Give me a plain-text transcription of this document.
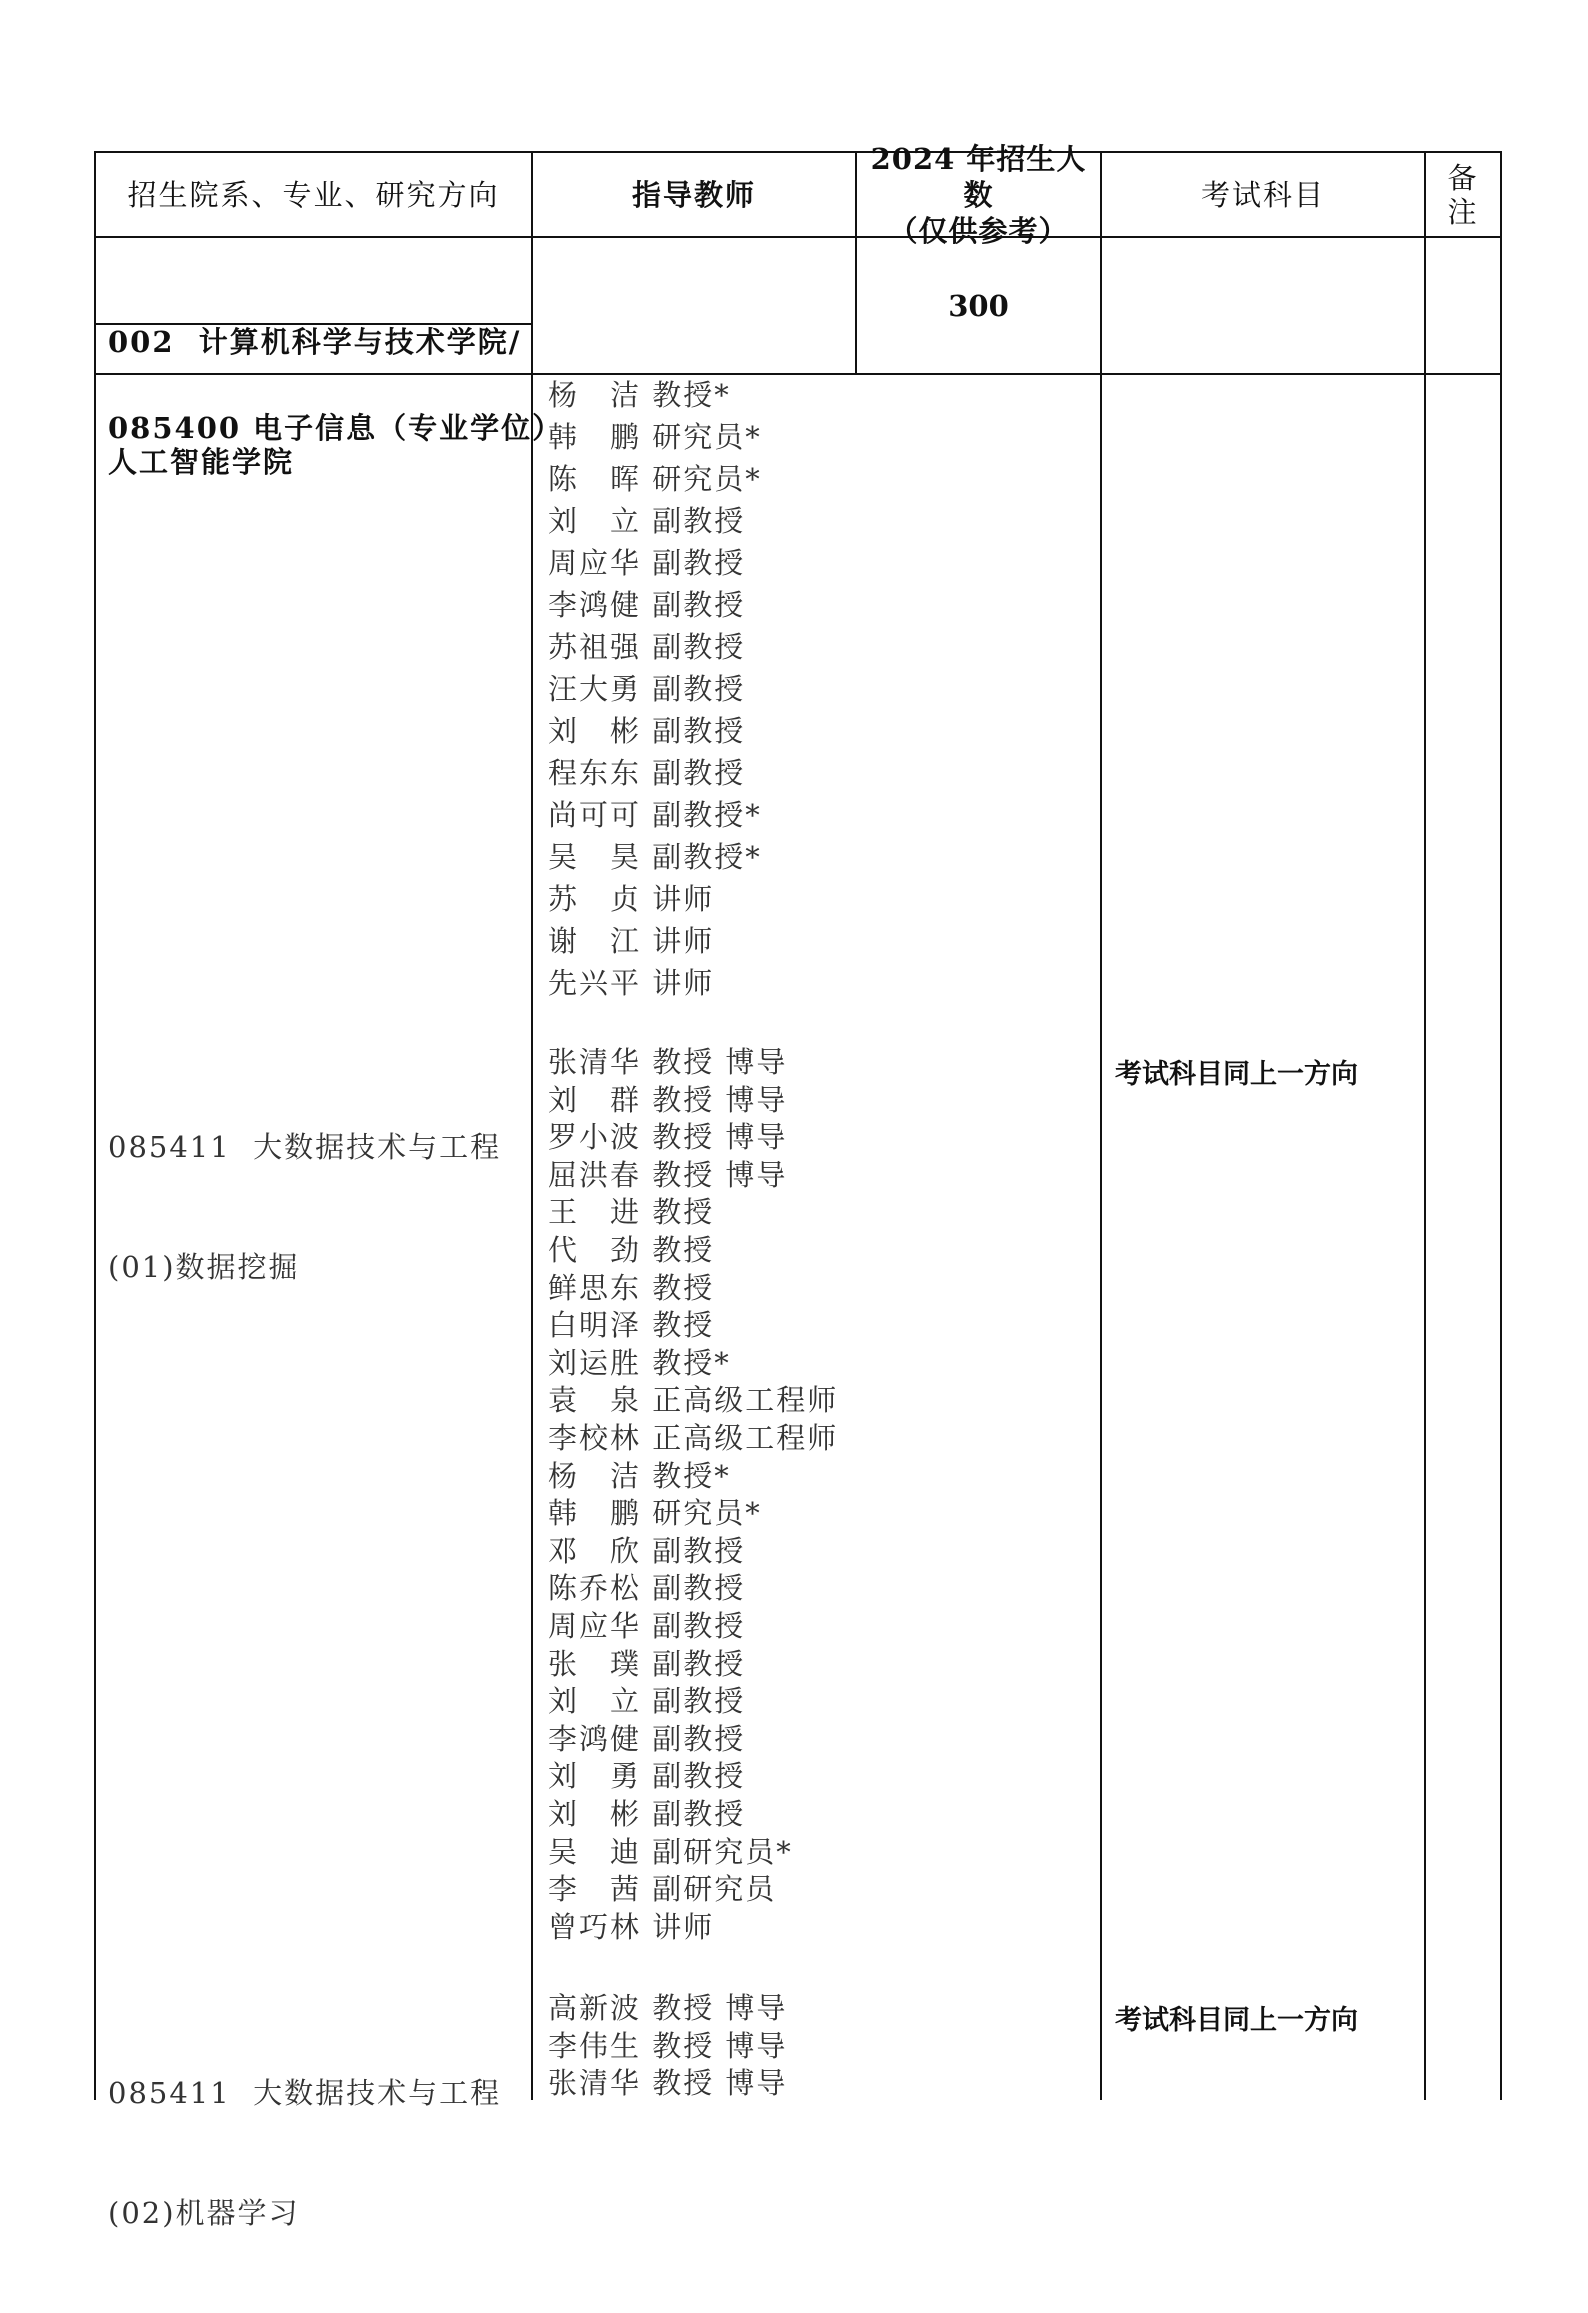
招生院系、专业、研究方向	指导教师
2024 年招生人数
（仅供参考）
考试科目	备
注

002  计算机科学与技术学院/

人工智能学院

085400 电子信息（专业学位）

300
杨　洁 教授*
韩　鹏 研究员*
陈　晖 研究员*
刘　立 副教授
周应华 副教授
李鸿健 副教授
苏祖强 副教授
汪大勇 副教授
刘　彬 副教授
程东东 副教授
尚可可 副教授*
吴　昊 副教授*
苏　贞 讲师
谢　江 讲师
先兴平 讲师

085411  大数据技术与工程

(01)数据挖掘

考试科目同上一方向
张清华 教授 博导
刘　群 教授 博导
罗小波 教授 博导
屈洪春 教授 博导
王　进 教授
代　劲 教授
鲜思东 教授
白明泽 教授
刘运胜 教授*
袁　泉 正高级工程师
李校林 正高级工程师
杨　洁 教授*
韩　鹏 研究员*
邓　欣 副教授
陈乔松 副教授
周应华 副教授
张　璞 副教授
刘　立 副教授
李鸿健 副教授
刘　勇 副教授
刘　彬 副教授
吴　迪 副研究员*
李　茜 副研究员
曾巧林 讲师

085411  大数据技术与工程

(02)机器学习

考试科目同上一方向
高新波 教授 博导
李伟生 教授 博导
张清华 教授 博导
